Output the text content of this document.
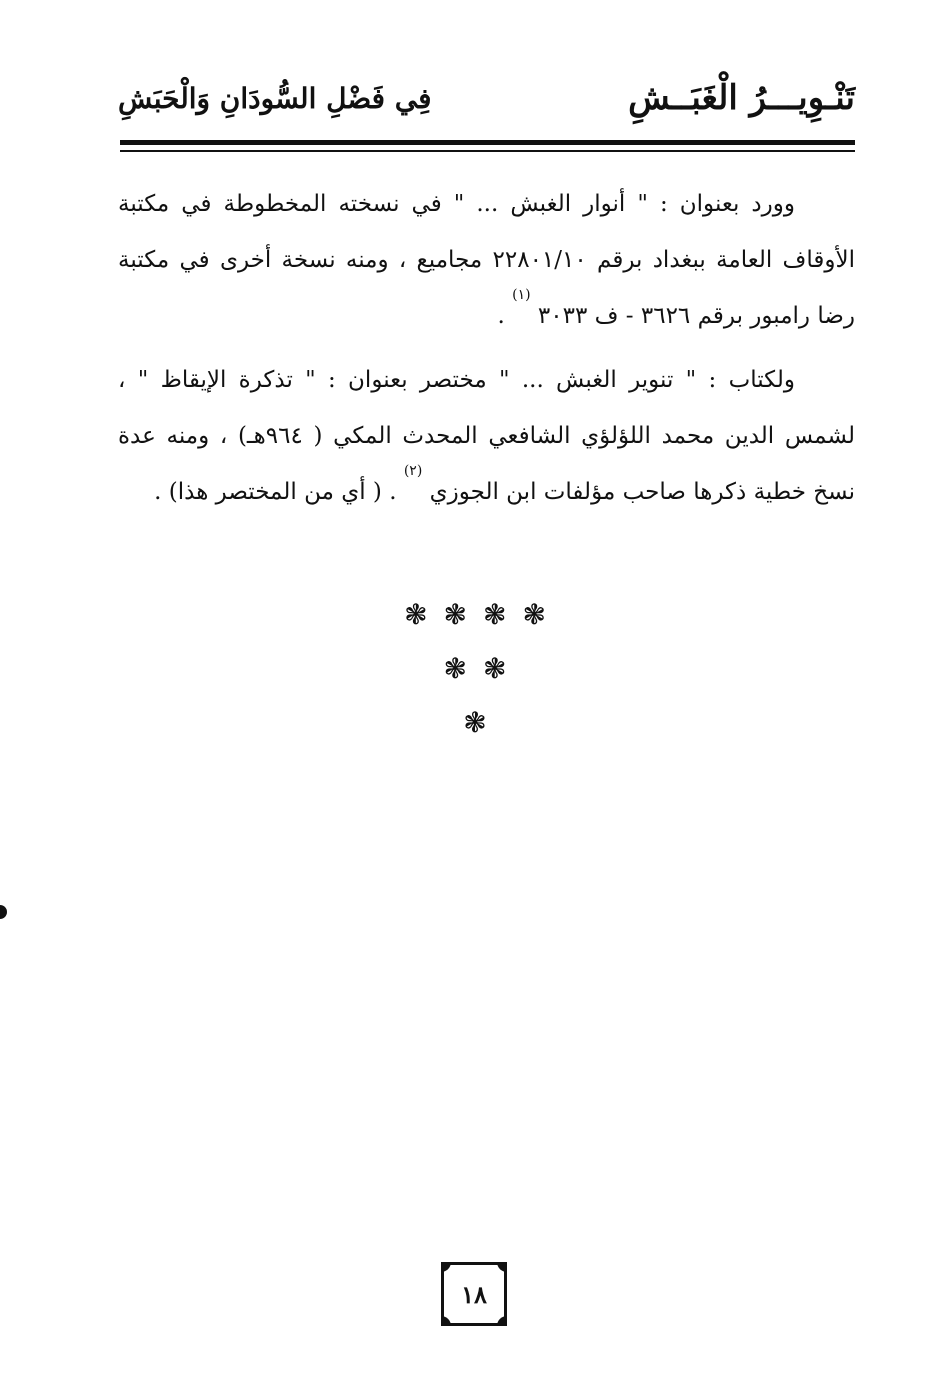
تَنْـوِيـــرُ الْغَبَــشِ
فِي فَضْلِ السُّودَانِ وَالْحَبَشِ

وورد بعنوان : " أنوار الغبش ... " في نسخته المخطوطة في مكتبة الأوقاف العامة ببغداد برقم ٢٢٨٠١/١٠ مجاميع ، ومنه نسخة أخرى في مكتبة رضا رامبور برقم ٣٦٢٦ - ف ٣٠٣٣ $^{(١)}$ .

ولكتاب : " تنوير الغبش ... " مختصر بعنوان : " تذكرة الإيقاظ " ، لشمس الدين محمد اللؤلؤي الشافعي المحدث المكي ( ٩٦٤هـ) ، ومنه عدة نسخ خطية ذكرها صاحب مؤلفات ابن الجوزي $^{(٢)}$ . ( أي من المختصر هذا) .

❃ ❃ ❃ ❃
❃ ❃
❃
١٨
